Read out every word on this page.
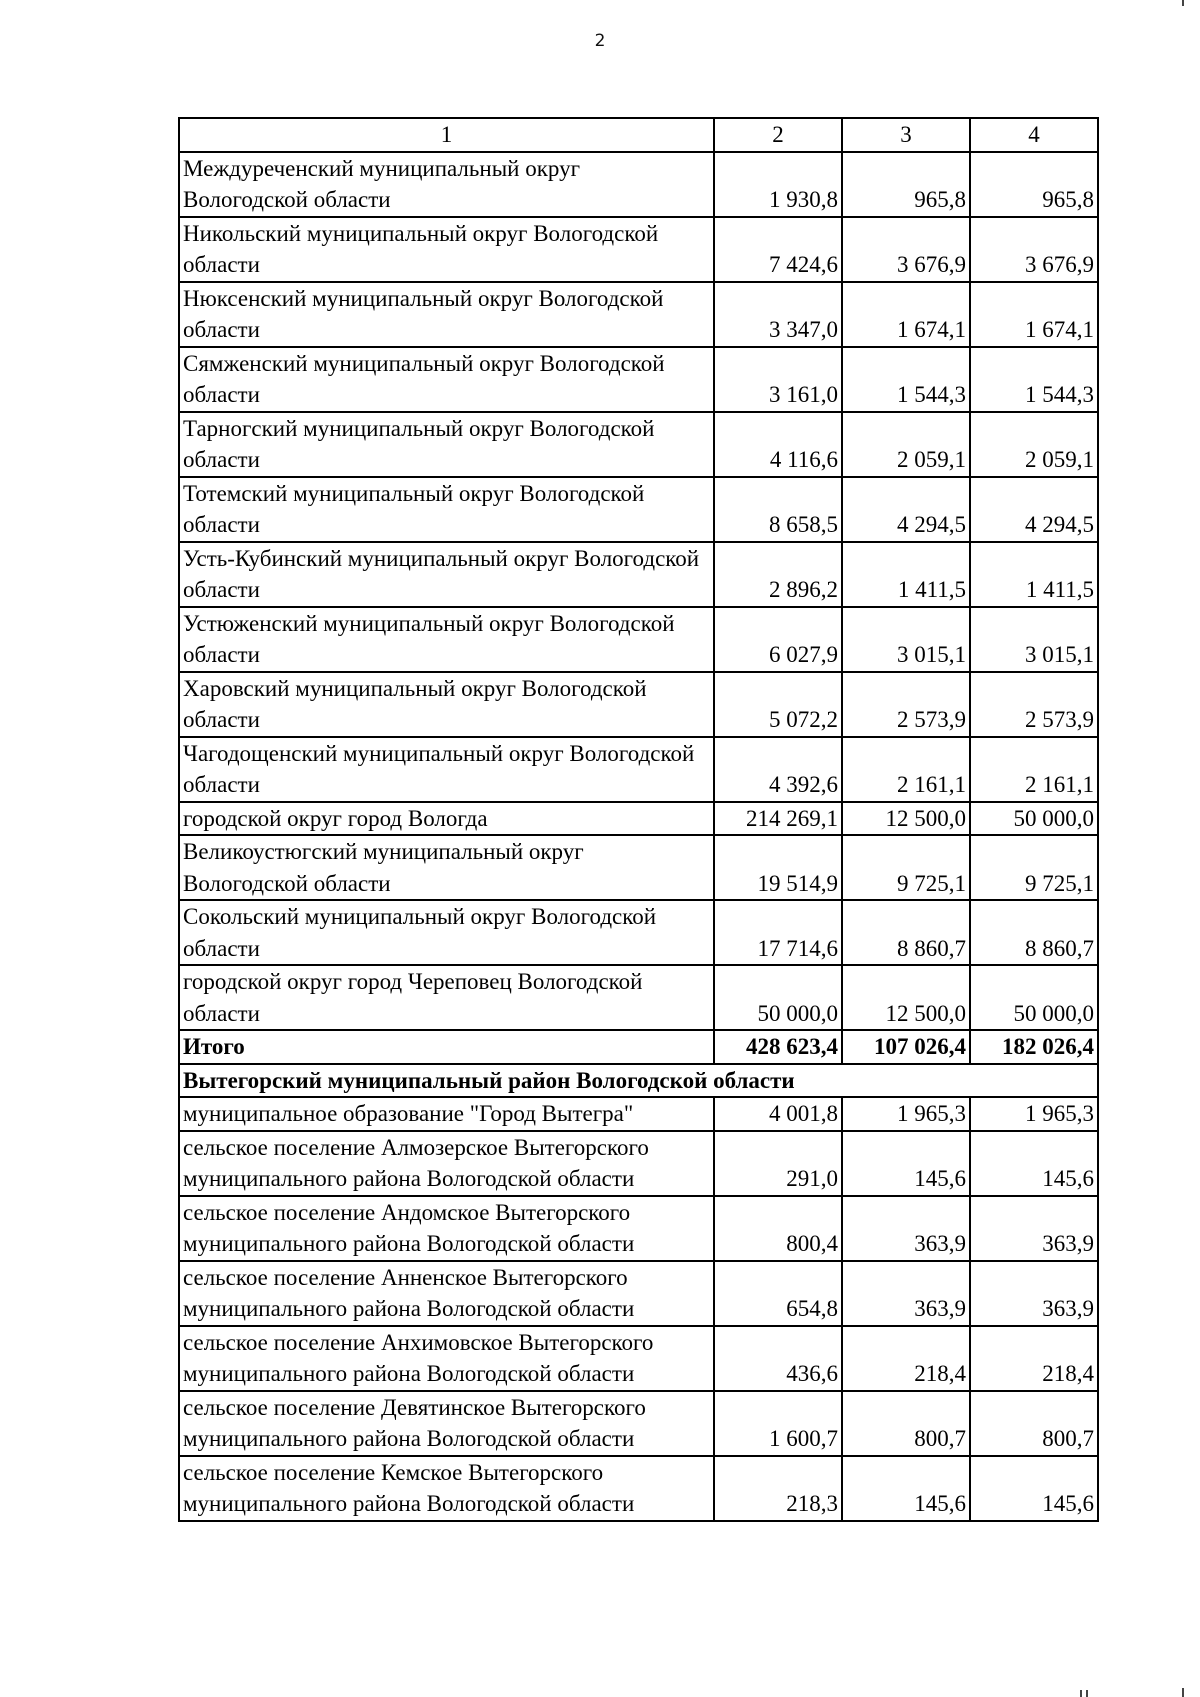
2
1	2	3	4
Междуреченский муниципальный округ Вологодской области	1 930,8	965,8	965,8
Никольский муниципальный округ Вологодской области	7 424,6	3 676,9	3 676,9
Нюксенский муниципальный округ Вологодской области	3 347,0	1 674,1	1 674,1
Сямженский муниципальный округ Вологодской области	3 161,0	1 544,3	1 544,3
Тарногский муниципальный округ Вологодской области	4 116,6	2 059,1	2 059,1
Тотемский муниципальный округ Вологодской области	8 658,5	4 294,5	4 294,5
Усть-Кубинский муниципальный округ Вологодской области	2 896,2	1 411,5	1 411,5
Устюженский муниципальный округ Вологодской области	6 027,9	3 015,1	3 015,1
Харовский муниципальный округ Вологодской области	5 072,2	2 573,9	2 573,9
Чагодощенский муниципальный округ Вологодской области	4 392,6	2 161,1	2 161,1
городской округ город Вологда	214 269,1	12 500,0	50 000,0
Великоустюгский муниципальный округ Вологодской области	19 514,9	9 725,1	9 725,1
Сокольский муниципальный округ Вологодской области	17 714,6	8 860,7	8 860,7
городской округ город Череповец Вологодской области	50 000,0	12 500,0	50 000,0
Итого	428 623,4	107 026,4	182 026,4
Вытегорский муниципальный район Вологодской области			
муниципальное образование "Город Вытегра"	4 001,8	1 965,3	1 965,3
сельское поселение Алмозерское Вытегорского муниципального района Вологодской области	291,0	145,6	145,6
сельское поселение Андомское Вытегорского муниципального района Вологодской области	800,4	363,9	363,9
сельское поселение Анненское Вытегорского муниципального района Вологодской области	654,8	363,9	363,9
сельское поселение Анхимовское Вытегорского муниципального района Вологодской области	436,6	218,4	218,4
сельское поселение Девятинское Вытегорского муниципального района Вологодской области	1 600,7	800,7	800,7
сельское поселение Кемское Вытегорского муниципального района Вологодской области	218,3	145,6	145,6
